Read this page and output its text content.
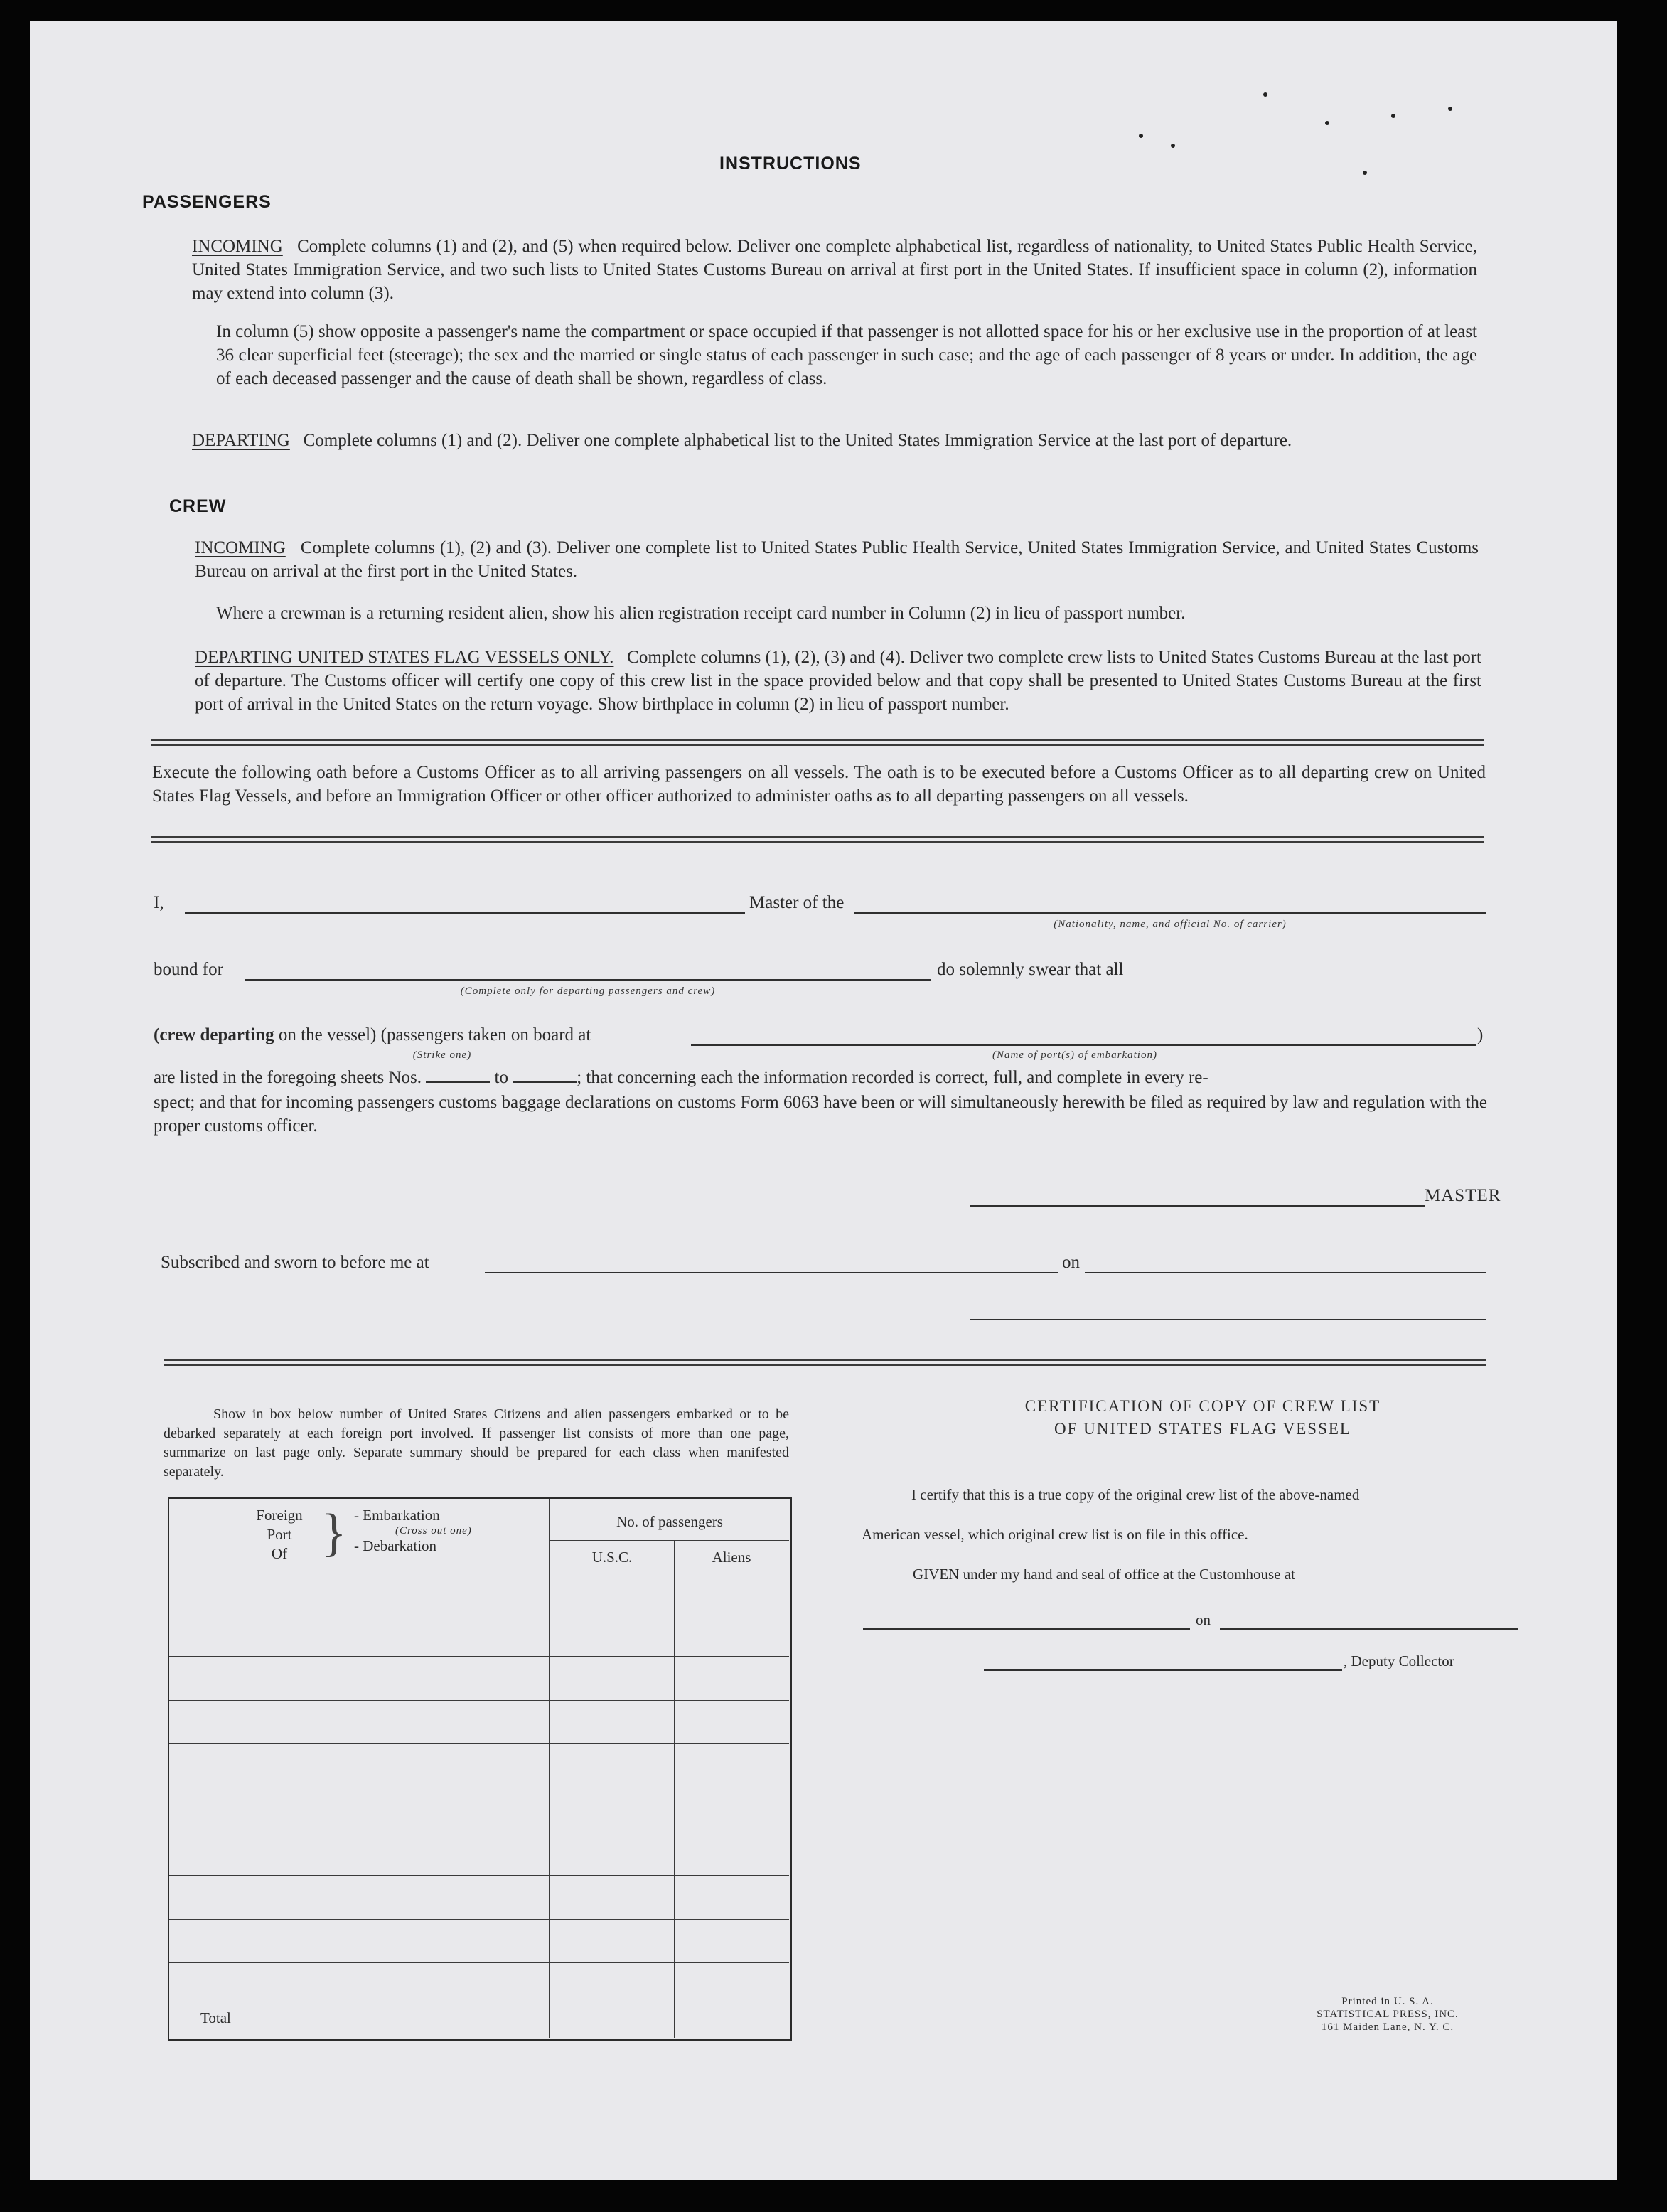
INSTRUCTIONS
PASSENGERS
INCOMING Complete columns (1) and (2), and (5) when required below. Deliver one complete alphabetical list, regardless of nationality, to United States Public Health Service, United States Immigration Service, and two such lists to United States Customs Bureau on arrival at first port in the United States. If insufficient space in column (2), information may extend into column (3).
In column (5) show opposite a passenger's name the compartment or space occupied if that passenger is not allotted space for his or her exclusive use in the proportion of at least 36 clear superficial feet (steerage); the sex and the married or single status of each passenger in such case; and the age of each passenger of 8 years or under. In addition, the age of each deceased passenger and the cause of death shall be shown, regardless of class.
DEPARTING Complete columns (1) and (2). Deliver one complete alphabetical list to the United States Immigration Service at the last port of departure.
CREW
INCOMING Complete columns (1), (2) and (3). Deliver one complete list to United States Public Health Service, United States Immigration Service, and United States Customs Bureau on arrival at the first port in the United States.
Where a crewman is a returning resident alien, show his alien registration receipt card number in Column (2) in lieu of passport number.
DEPARTING UNITED STATES FLAG VESSELS ONLY. Complete columns (1), (2), (3) and (4). Deliver two complete crew lists to United States Customs Bureau at the last port of departure. The Customs officer will certify one copy of this crew list in the space provided below and that copy shall be presented to United States Customs Bureau at the first port of arrival in the United States on the return voyage. Show birthplace in column (2) in lieu of passport number.
Execute the following oath before a Customs Officer as to all arriving passengers on all vessels. The oath is to be executed before a Customs Officer as to all departing crew on United States Flag Vessels, and before an Immigration Officer or other officer authorized to administer oaths as to all departing passengers on all vessels.
I,	Master of the
(Nationality, name, and official No. of carrier)
bound for
(Complete only for departing passengers and crew)
do solemnly swear that all
(crew departing on the vessel) (passengers taken on board at	)
(Strike one)	(Name of port(s) of embarkation)
are listed in the foregoing sheets Nos.	to	; that concerning each the information recorded is correct, full, and complete in every re-
spect; and that for incoming passengers customs baggage declarations on customs Form 6063 have been or will simultaneously herewith be filed as required by law and regulation with the proper customs officer.
MASTER
Subscribed and sworn to before me at	on
Show in box below number of United States Citizens and alien passengers embarked or to be debarked separately at each foreign port involved. If passenger list consists of more than one page, summarize on last page only. Separate summary should be prepared for each class when manifested separately.
Foreign
Port
Of } - Embarkation
(Cross out one)
- Debarkation
No. of passengers
U.S.C.	Aliens
Total
CERTIFICATION OF COPY OF CREW LIST
OF UNITED STATES FLAG VESSEL
I certify that this is a true copy of the original crew list of the above-named
American vessel, which original crew list is on file in this office.
GIVEN under my hand and seal of office at the Customhouse at
on
, Deputy Collector
Printed in U. S. A.
STATISTICAL PRESS, INC.
161 Maiden Lane, N. Y. C.
